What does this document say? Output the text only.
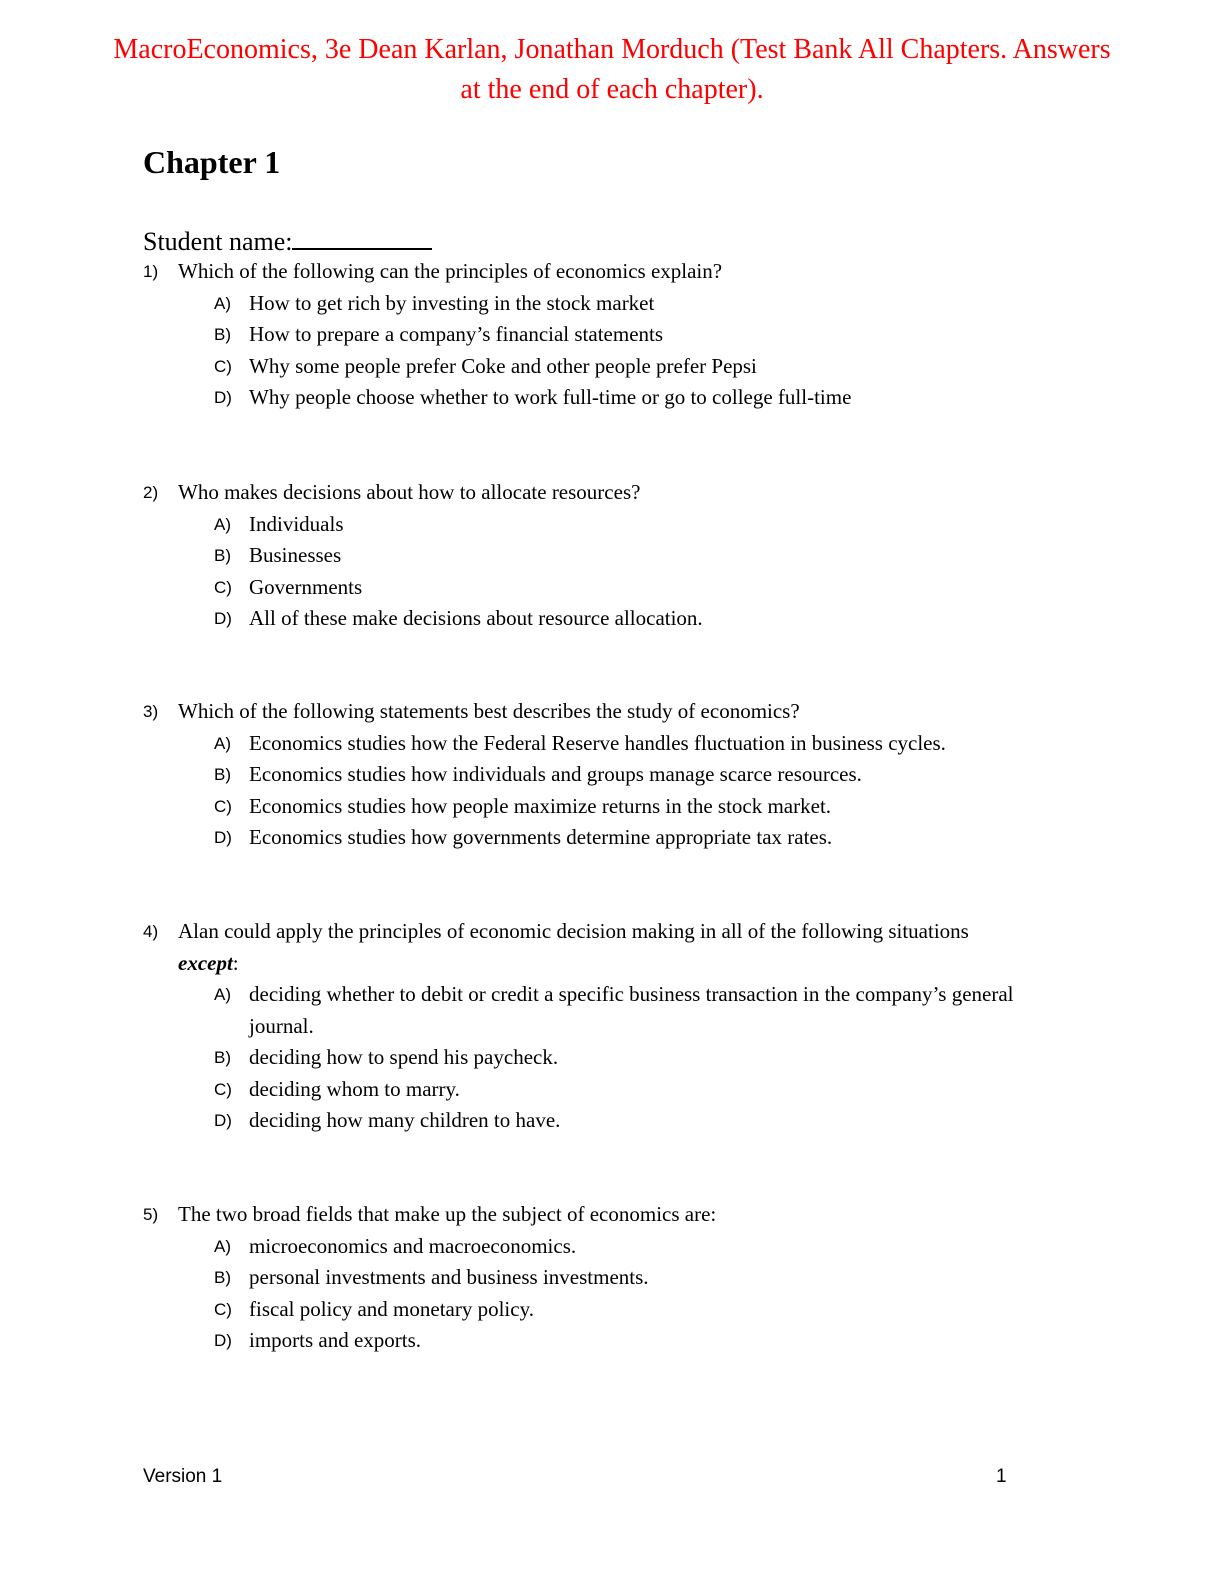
MacroEconomics, 3e Dean Karlan, Jonathan Morduch (Test Bank All Chapters. Answers
at the end of each chapter).
Chapter 1
Student name:
1) Which of the following can the principles of economics explain?
A) How to get rich by investing in the stock market
B) How to prepare a company’s financial statements
C) Why some people prefer Coke and other people prefer Pepsi
D) Why people choose whether to work full-time or go to college full-time
2) Who makes decisions about how to allocate resources?
A) Individuals
B) Businesses
C) Governments
D) All of these make decisions about resource allocation.
3) Which of the following statements best describes the study of economics?
A) Economics studies how the Federal Reserve handles fluctuation in business cycles.
B) Economics studies how individuals and groups manage scarce resources.
C) Economics studies how people maximize returns in the stock market.
D) Economics studies how governments determine appropriate tax rates.
4) Alan could apply the principles of economic decision making in all of the following situations except:
A) deciding whether to debit or credit a specific business transaction in the company’s general journal.
B) deciding how to spend his paycheck.
C) deciding whom to marry.
D) deciding how many children to have.
5) The two broad fields that make up the subject of economics are:
A) microeconomics and macroeconomics.
B) personal investments and business investments.
C) fiscal policy and monetary policy.
D) imports and exports.
Version 1	1
